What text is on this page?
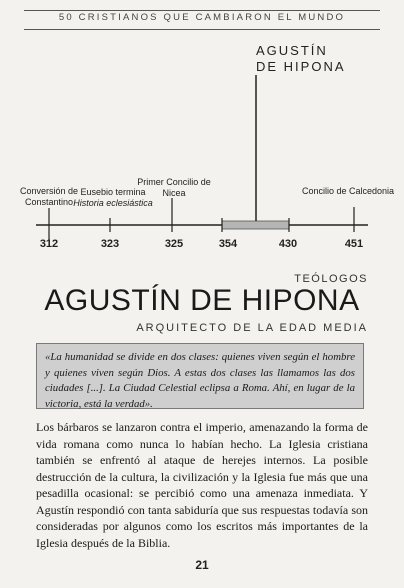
50 CRISTIANOS QUE CAMBIARON EL MUNDO
AGUSTÍN
DE HIPONA
Conversión de
Constantino
Eusebio termina
Historia eclesiástica
Primer Concilio de
Nicea	Concilio de Calcedonia
312	323	325	354	430	451
TEÓLOGOS
AGUSTÍN DE HIPONA
ARQUITECTO DE LA EDAD MEDIA
«La humanidad se divide en dos clases: quienes viven según el hombre y quienes viven según Dios. A estas dos clases las llamamos las dos ciudades [...]. La Ciudad Celestial eclipsa a Roma. Ahí, en lugar de la victoria, está la verdad».

Los bárbaros se lanzaron contra el imperio, amenazando la forma de vida romana como nunca lo habían hecho. La Iglesia cristiana también se enfrentó al ataque de herejes internos. La posible destrucción de la cultura, la civilización y la Iglesia fue más que una pesadilla ocasional: se percibió como una amenaza inmediata. Y Agustín respondió con tanta sabiduría que sus respuestas todavía son consideradas por algunos como los escritos más importantes de la Iglesia después de la Biblia.

21
